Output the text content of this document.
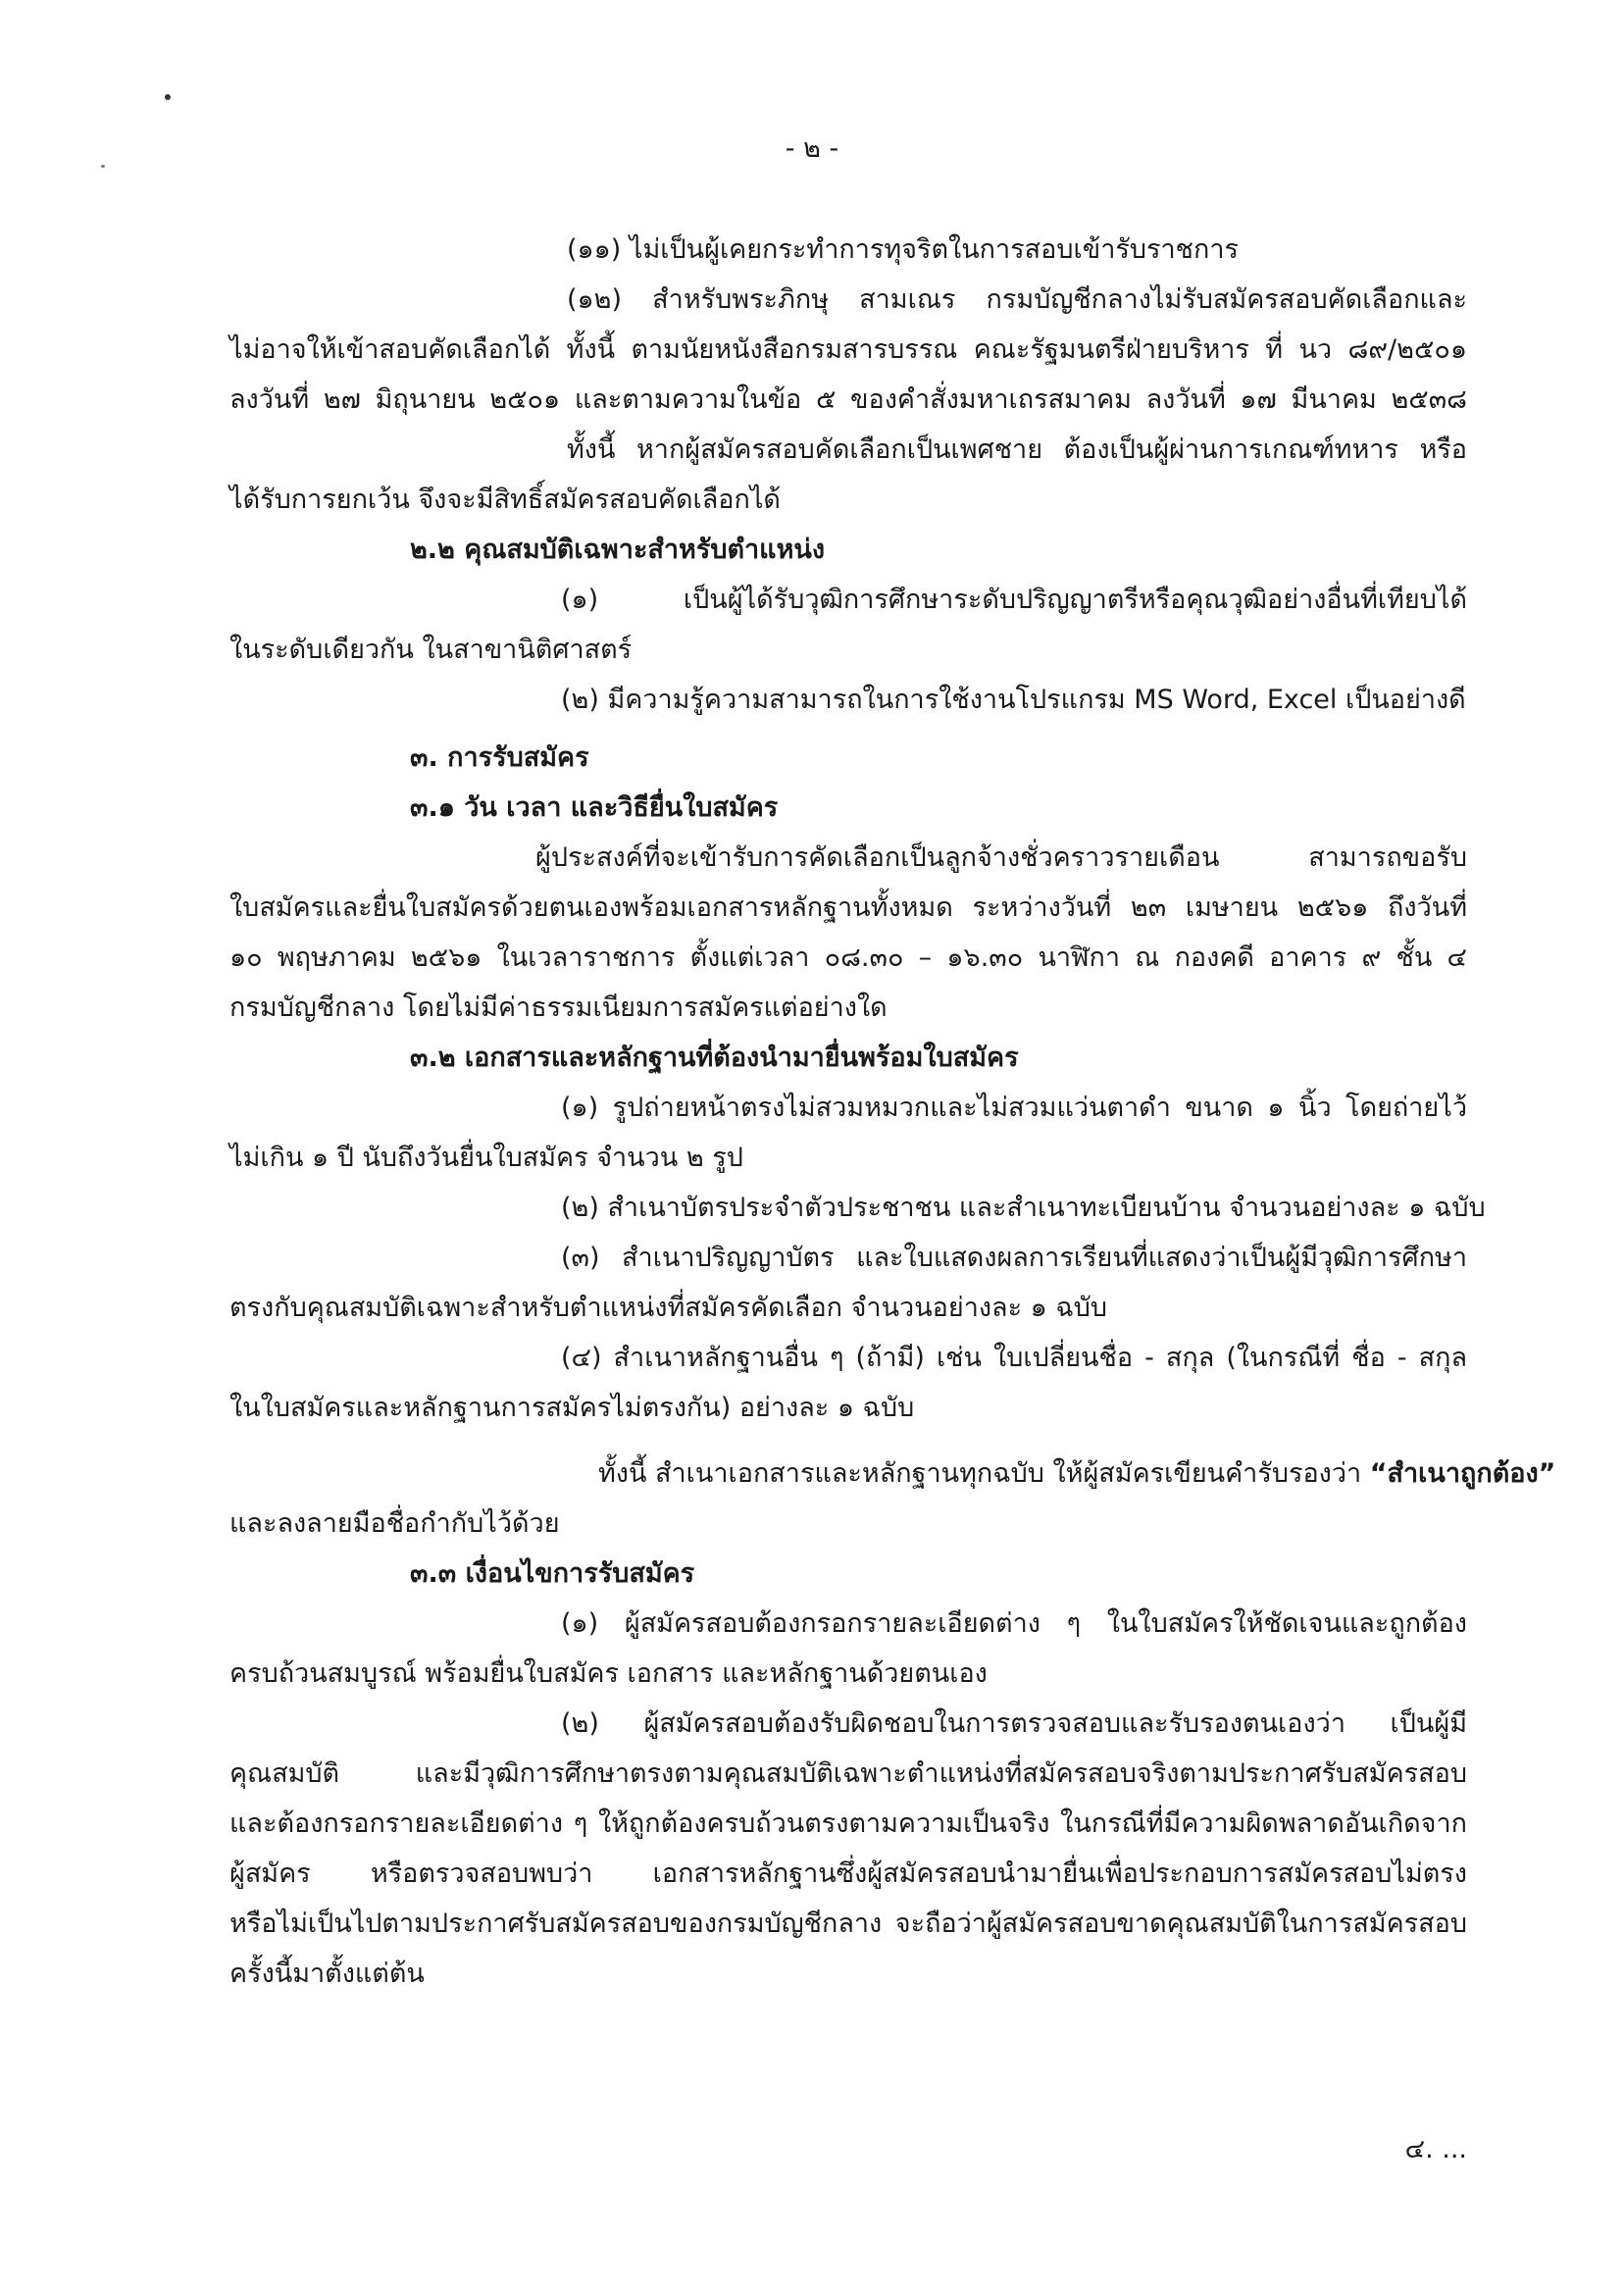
- ๒ -
(๑๑) ไม่เป็นผู้เคยกระทำการทุจริตในการสอบเข้ารับราชการ
(๑๒) สำหรับพระภิกษุ สามเณร กรมบัญชีกลางไม่รับสมัครสอบคัดเลือกและ
ไม่อาจให้เข้าสอบคัดเลือกได้ ทั้งนี้ ตามนัยหนังสือกรมสารบรรณ คณะรัฐมนตรีฝ่ายบริหาร ที่ นว ๘๙/๒๕๐๑
ลงวันที่ ๒๗ มิถุนายน ๒๕๐๑ และตามความในข้อ ๕ ของคำสั่งมหาเถรสมาคม ลงวันที่ ๑๗ มีนาคม ๒๕๓๘
ทั้งนี้ หากผู้สมัครสอบคัดเลือกเป็นเพศชาย ต้องเป็นผู้ผ่านการเกณฑ์ทหาร หรือ
ได้รับการยกเว้น จึงจะมีสิทธิ์สมัครสอบคัดเลือกได้
๒.๒ คุณสมบัติเฉพาะสำหรับตำแหน่ง
(๑) เป็นผู้ได้รับวุฒิการศึกษาระดับปริญญาตรีหรือคุณวุฒิอย่างอื่นที่เทียบได้
ในระดับเดียวกัน ในสาขานิติศาสตร์
(๒) มีความรู้ความสามารถในการใช้งานโปรแกรม MS Word, Excel เป็นอย่างดี
๓. การรับสมัคร
๓.๑ วัน เวลา และวิธียื่นใบสมัคร
ผู้ประสงค์ที่จะเข้ารับการคัดเลือกเป็นลูกจ้างชั่วคราวรายเดือน สามารถขอรับ
ใบสมัครและยื่นใบสมัครด้วยตนเองพร้อมเอกสารหลักฐานทั้งหมด ระหว่างวันที่ ๒๓ เมษายน ๒๕๖๑ ถึงวันที่
๑๐ พฤษภาคม ๒๕๖๑ ในเวลาราชการ ตั้งแต่เวลา ๐๘.๓๐ – ๑๖.๓๐ นาฬิกา ณ กองคดี อาคาร ๙ ชั้น ๔
กรมบัญชีกลาง โดยไม่มีค่าธรรมเนียมการสมัครแต่อย่างใด
๓.๒ เอกสารและหลักฐานที่ต้องนำมายื่นพร้อมใบสมัคร
(๑) รูปถ่ายหน้าตรงไม่สวมหมวกและไม่สวมแว่นตาดำ ขนาด ๑ นิ้ว โดยถ่ายไว้
ไม่เกิน ๑ ปี นับถึงวันยื่นใบสมัคร จำนวน ๒ รูป
(๒) สำเนาบัตรประจำตัวประชาชน และสำเนาทะเบียนบ้าน จำนวนอย่างละ ๑ ฉบับ
(๓) สำเนาปริญญาบัตร และใบแสดงผลการเรียนที่แสดงว่าเป็นผู้มีวุฒิการศึกษา
ตรงกับคุณสมบัติเฉพาะสำหรับตำแหน่งที่สมัครคัดเลือก จำนวนอย่างละ ๑ ฉบับ
(๔) สำเนาหลักฐานอื่น ๆ (ถ้ามี) เช่น ใบเปลี่ยนชื่อ - สกุล (ในกรณีที่ ชื่อ - สกุล
ในใบสมัครและหลักฐานการสมัครไม่ตรงกัน) อย่างละ ๑ ฉบับ
ทั้งนี้ สำเนาเอกสารและหลักฐานทุกฉบับ ให้ผู้สมัครเขียนคำรับรองว่า “สำเนาถูกต้อง”
และลงลายมือชื่อกำกับไว้ด้วย
๓.๓ เงื่อนไขการรับสมัคร
(๑) ผู้สมัครสอบต้องกรอกรายละเอียดต่าง ๆ ในใบสมัครให้ชัดเจนและถูกต้อง
ครบถ้วนสมบูรณ์ พร้อมยื่นใบสมัคร เอกสาร และหลักฐานด้วยตนเอง
(๒) ผู้สมัครสอบต้องรับผิดชอบในการตรวจสอบและรับรองตนเองว่า เป็นผู้มี
คุณสมบัติ และมีวุฒิการศึกษาตรงตามคุณสมบัติเฉพาะตำแหน่งที่สมัครสอบจริงตามประกาศรับสมัครสอบ
และต้องกรอกรายละเอียดต่าง ๆ ให้ถูกต้องครบถ้วนตรงตามความเป็นจริง ในกรณีที่มีความผิดพลาดอันเกิดจาก
ผู้สมัคร หรือตรวจสอบพบว่า เอกสารหลักฐานซึ่งผู้สมัครสอบนำมายื่นเพื่อประกอบการสมัครสอบไม่ตรง
หรือไม่เป็นไปตามประกาศรับสมัครสอบของกรมบัญชีกลาง จะถือว่าผู้สมัครสอบขาดคุณสมบัติในการสมัครสอบ
ครั้งนี้มาตั้งแต่ต้น
๔. ...
